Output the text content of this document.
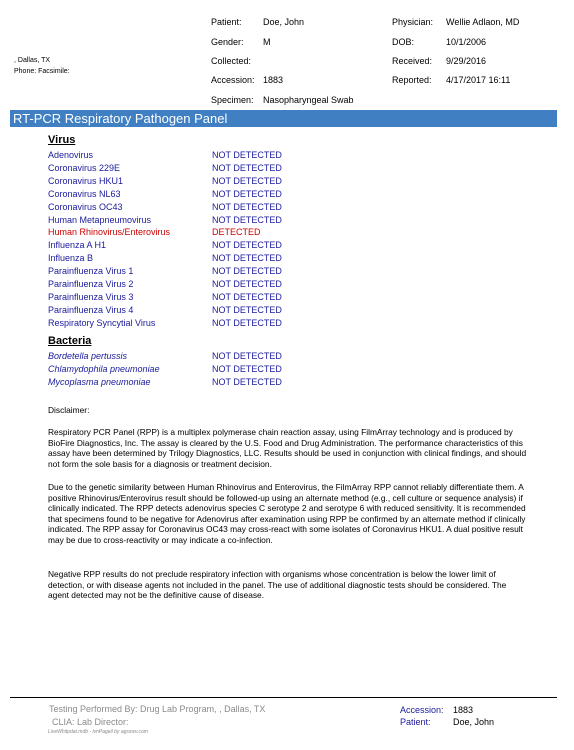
Patient: Doe, John	Physician: Wellie Adlaon, MD
Gender: M	DOB:	10/1/2006
, Dallas, TX	Collected:	Received: 9/29/2016
Phone: Facsimile:
Accession: 1883	Reported: 4/17/2017 16:11
Specimen: Nasopharyngeal Swab
RT-PCR Respiratory Pathogen Panel
Virus
Adenovirus	NOT DETECTED
Coronavirus 229E	NOT DETECTED
Coronavirus HKU1	NOT DETECTED
Coronavirus NL63	NOT DETECTED
Coronavirus OC43	NOT DETECTED
Human Metapneumovirus	NOT DETECTED
Human Rhinovirus/Enterovirus	DETECTED
Influenza A H1	NOT DETECTED
Influenza B	NOT DETECTED
Parainfluenza Virus 1	NOT DETECTED
Parainfluenza Virus 2	NOT DETECTED
Parainfluenza Virus 3	NOT DETECTED
Parainfluenza Virus 4	NOT DETECTED
Respiratory Syncytial Virus	NOT DETECTED
Bacteria
Bordetella pertussis	NOT DETECTED
Chlamydophila pneumoniae	NOT DETECTED
Mycoplasma pneumoniae	NOT DETECTED
Disclaimer:
Respiratory PCR Panel (RPP) is a multiplex polymerase chain reaction assay, using FilmArray technology and is produced by BioFire Diagnostics, Inc. The assay is cleared by the U.S. Food and Drug Administration. The performance characteristics of this assay have been determined by Trilogy Diagnostics, LLC. Results should be used in conjunction with clinical findings, and should not form the sole basis for a diagnosis or treatment decision.
Due to the genetic similarity between Human Rhinovirus and Enterovirus, the FilmArray RPP cannot reliably differentiate them. A positive Rhinovirus/Enterovirus result should be followed-up using an alternate method (e.g., cell culture or sequence analysis) if clinically indicated. The RPP detects adenovirus species C serotype 2 and serotype 6 with reduced sensitivity. It is recommended that specimens found to be negative for Adenovirus after examination using RPP be confirmed by an alternate method if clinically indicated. The RPP assay for Coronavirus OC43 may cross-react with some isolates of Coronavirus HKU1. A dual positive result may be due to cross-reactivity or may indicate a co-infection.
Negative RPP results do not preclude respiratory infection with organisms whose concentration is below the lower limit of detection, or with disease agents not included in the panel. The use of additional diagnostic tests should be considered. The agent detected may not be the definitive cause of disease.
Testing Performed By: Drug Lab Program, , Dallas, TX
CLIA: Lab Director:
LiveWhitpdat.mdb - lvnPageil by agsswv.com
Accession: 1883
Patient: Doe, John
